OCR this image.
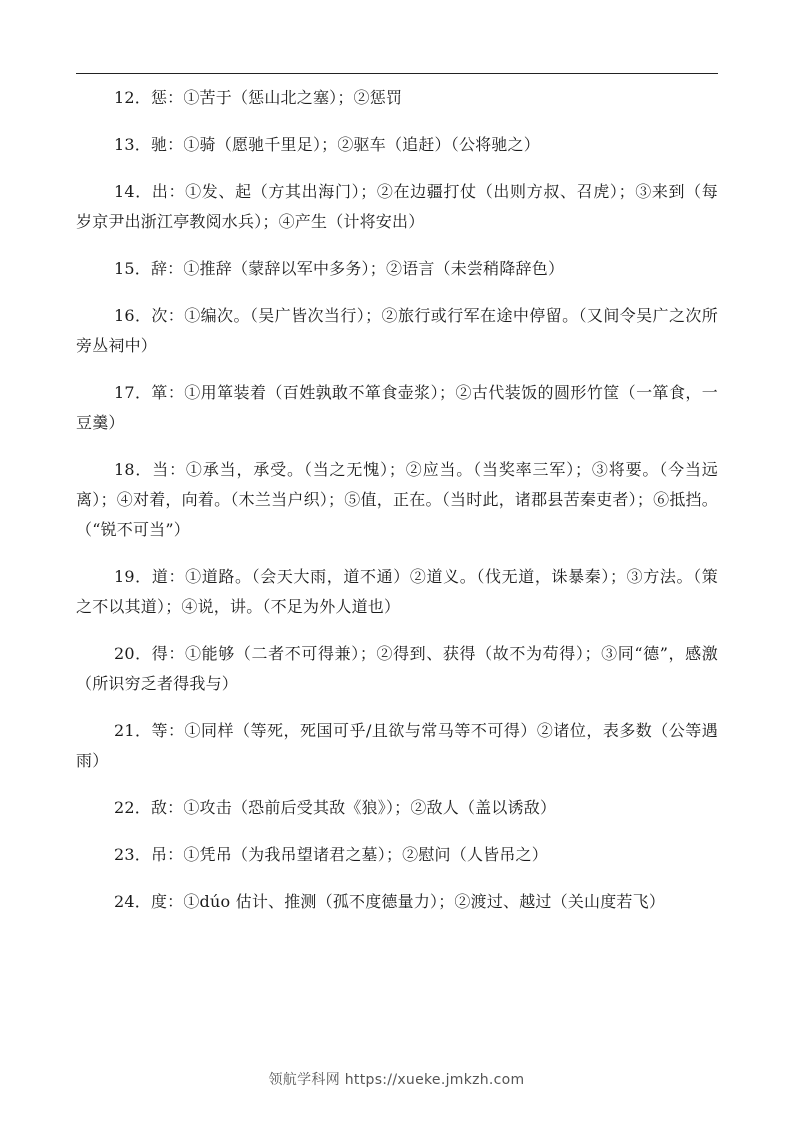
12．惩：①苦于（惩山北之塞）；②惩罚

13．驰：①骑（愿驰千里足）；②驱车（追赶）（公将驰之）

14．出：①发、起（方其出海门）；②在边疆打仗（出则方叔、召虎）；③来到（每岁京尹出浙江亭教阅水兵）；④产生（计将安出）

15．辞：①推辞（蒙辞以军中多务）；②语言（未尝稍降辞色）

16．次：①编次。（吴广皆次当行）；②旅行或行军在途中停留。（又间令吴广之次所旁丛祠中）

17．箪：①用箪装着（百姓孰敢不箪食壶浆）；②古代装饭的圆形竹筐（一箪食，一豆羹）

18．当：①承当，承受。（当之无愧）；②应当。（当奖率三军）；③将要。（今当远离）；④对着，向着。（木兰当户织）；⑤值，正在。（当时此，诸郡县苦秦吏者）；⑥抵挡。（“锐不可当”）

19．道：①道路。（会天大雨，道不通）②道义。（伐无道，诛暴秦）；③方法。（策之不以其道）；④说，讲。（不足为外人道也）

20．得：①能够（二者不可得兼）；②得到、获得（故不为苟得）；③同“德”，感激（所识穷乏者得我与）

21．等：①同样（等死，死国可乎/且欲与常马等不可得）②诸位，表多数（公等遇雨）

22．敌：①攻击（恐前后受其敌《狼》）；②敌人（盖以诱敌）

23．吊：①凭吊（为我吊望诸君之墓）；②慰问（人皆吊之）

24．度：①dúo 估计、推测（孤不度德量力）；②渡过、越过（关山度若飞）

领航学科网 https://xueke.jmkzh.com
